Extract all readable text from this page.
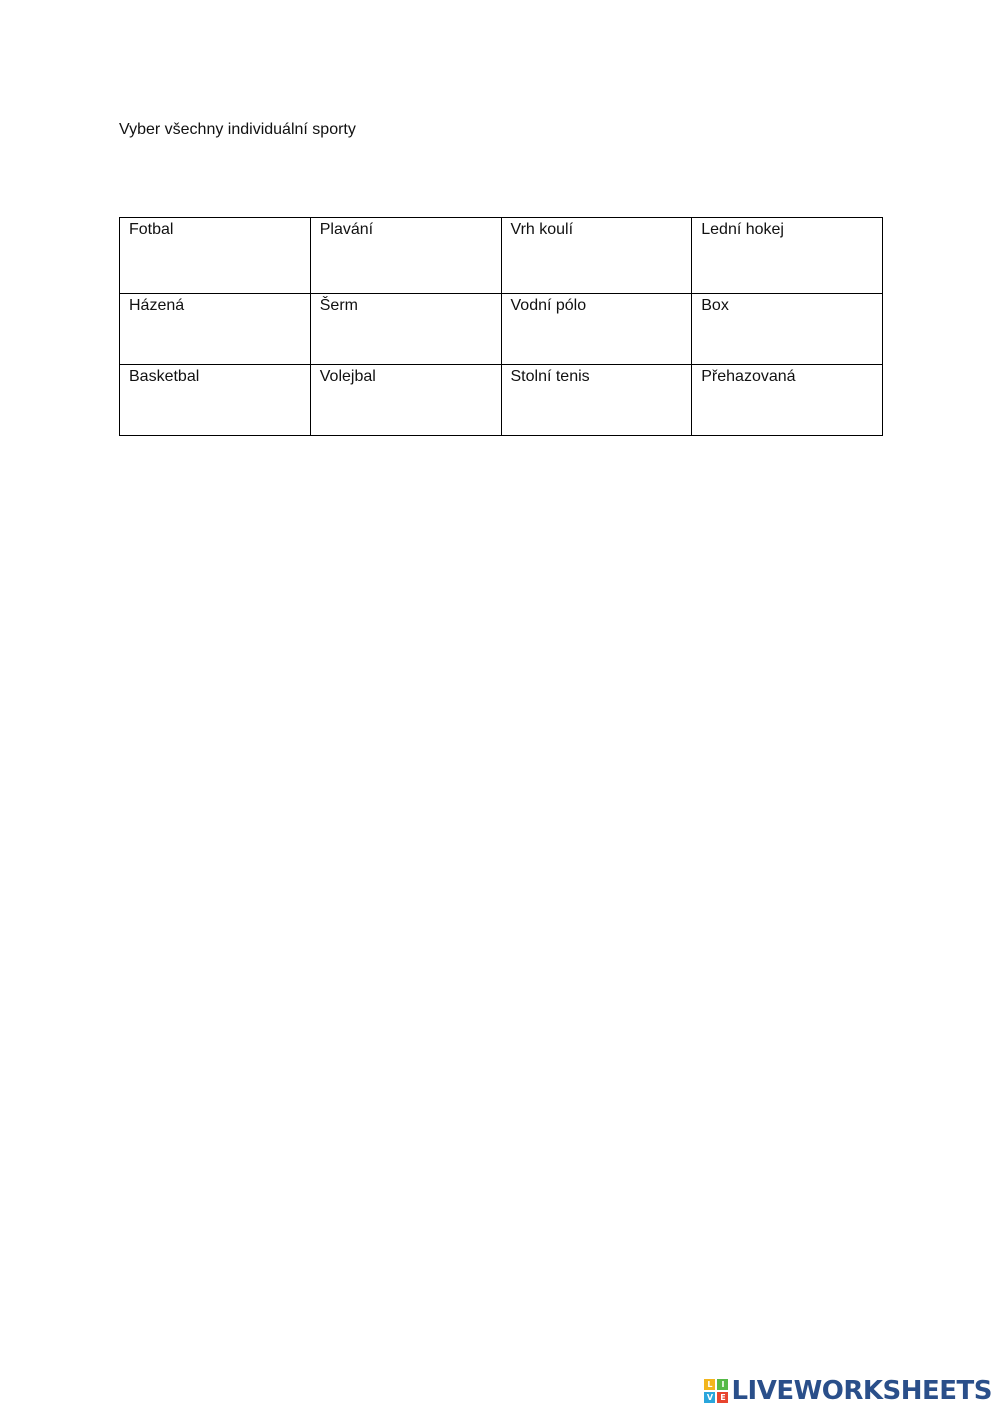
Vyber všechny individuální sporty
Fotbal	Plavání	Vrh koulí	Lední hokej

Házená	Šerm	Vodní pólo	Box

Basketbal	Volejbal	Stolní tenis	Přehazovaná
L	I
V E LIVEWORKSHEETS
